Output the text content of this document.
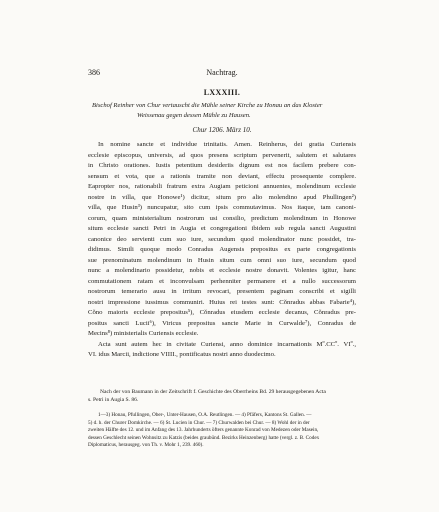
386	Nachtrag.
LXXXIII.
Bischof Reinher von Chur vertauscht die Mühle seiner Kirche zu Honau an das Kloster
Weissenau gegen dessen Mühle zu Hausen.
Chur 1206. März 10.
In nomine sancte et individue trinitatis. Amen. Reinherus, dei gratia Curiensis
ecclesie episcopus, universis, ad quos presens scriptum pervenerit, salutem et salutares
in Christo orationes. Iustis petentium desideriis dignum est nos facilem prebere con-
sensum et vota, que a rationis tramite non deviant, effectu prosequente complere.
Eapropter nos, rationabili fratrum extra Augiam peticioni annuentes, molendinum ecclesie
nostre in villa, que Honowe¹) dicitur, situm pro alio molendino apud Phullingen²)
villa, que Husin³) nuncupatur, sito cum ipsis commutavimus. Nos itaque, tam canoni-
corum, quam ministerialium nostrorum usi consilio, predictum molendinum in Honowe
situm ecclesie sancti Petri in Augia et congregationi ibidem sub regula sancti Augustini
canonice deo servienti cum suo iure, secundum quod molendinator nunc possidet, tra-
didimus. Simili quoque modo Conradus Augensis prepositus ex parte congregationis
sue prenominatum molendinum in Husin situm cum omni suo iure, secundum quod
nunc a molendinario possidetur, nobis et ecclesie nostre donavit. Volentes igitur, hanc
commutationem ratam et inconvulsam perhenniter permanere et a nullo successorum
nostrorum temerario ausu in irritum revocari, presentem paginam conscribi et sigilli
nostri impressione iussimus communiri. Huius rei testes sunt: Cŏnradus abbas Fabarie⁴),
Cŏno maioris ecclesie prepositus⁵), Cŏnradus eiusdem ecclesie decanus, Cŏnradus pre-
positus sancti Lucii⁶), Viricus prepositus sancte Marie in Curwalde⁷), Conradus de
Mecins⁸) ministerialis Curiensis ecclesie.
Acta sunt autem hec in civitate Curiensi, anno dominice incarnationis Mº.CCº. VIº.,
VI. idus Marcii, indictione VIIII., pontificatus nostri anno duodecimo.
Nach der von Baumann in der Zeitschrift f. Geschichte des Oberrheins Bd. 29 herausgegebenen Acta
s. Petri in Augia S. 86.
1—3) Honau, Pfullingen, Ober-, Unter-Hausen, O.A. Reutlingen. — 4) Pfäfers, Kantons St. Gallen. —
5) d. h. der Churer Domkirche. — 6) St. Lucien in Chur. — 7) Churwalden bei Chur. — 8) Wohl der in der
zweiten Hälfte des 12. und im Anfang des 13. Jahrhunderts öfters genannte Konrad von Medezen oder Masein,
dessen Geschlecht seinen Wohnsitz zu Katzis (beides graubünd. Bezirks Heinzenberg) hatte (vergl. z. B. Codex
Diplomaticus, herausgeg. von Th. v. Mohr 1, 239. 460).
